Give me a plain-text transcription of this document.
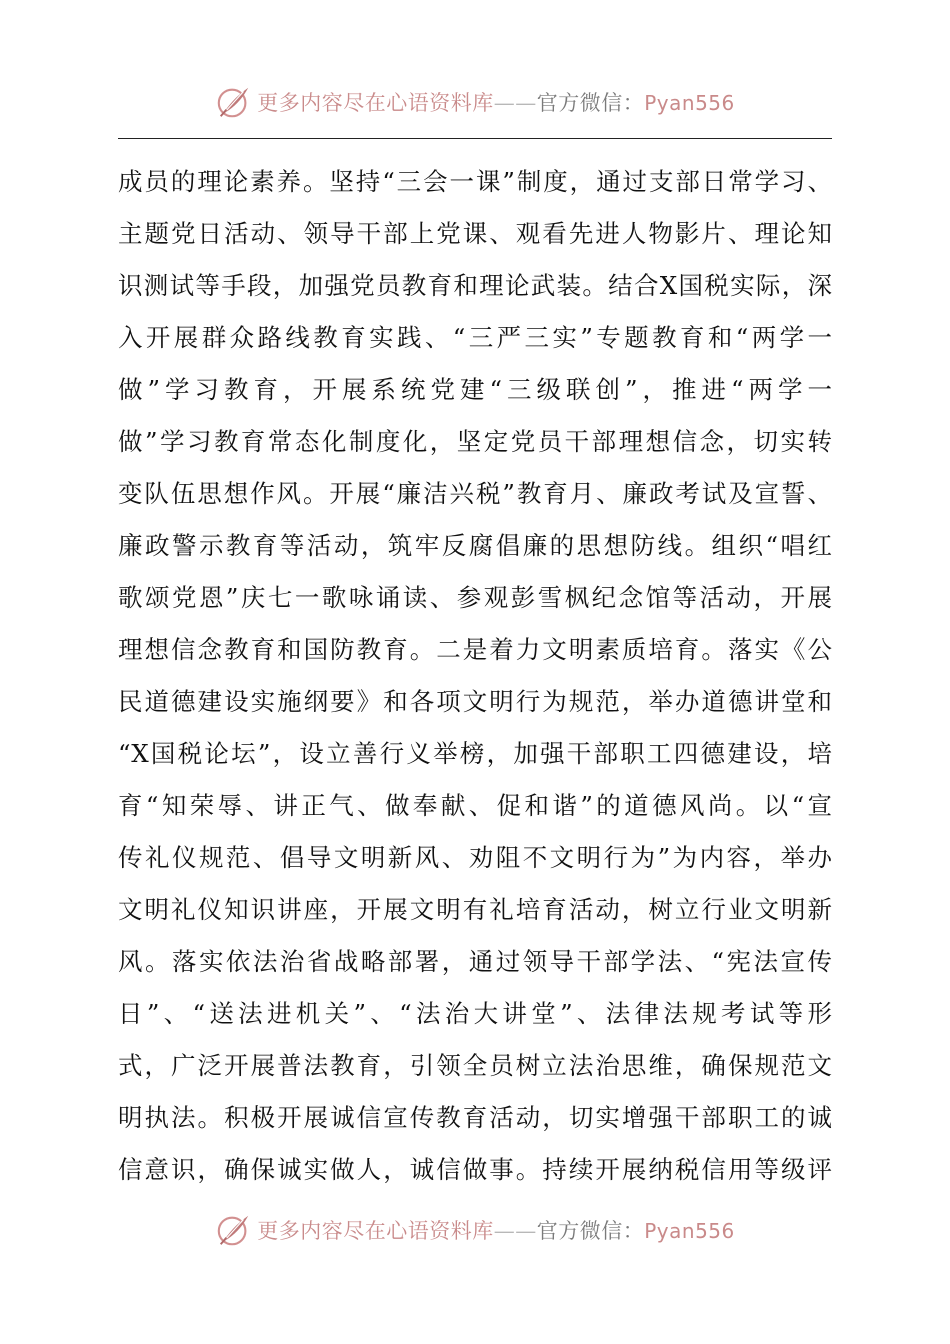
更多内容尽在心语资料库——官方微信：Pyan556
成员的理论素养。坚持“三会一课”制度，通过支部日常学习、
主题党日活动、领导干部上党课、观看先进人物影片、理论知
识测试等手段，加强党员教育和理论武装。结合X国税实际，深
入开展群众路线教育实践、“三严三实”专题教育和“两学一
做”学习教育，开展系统党建“三级联创”，推进“两学一
做”学习教育常态化制度化，坚定党员干部理想信念，切实转
变队伍思想作风。开展“廉洁兴税”教育月、廉政考试及宣誓、
廉政警示教育等活动，筑牢反腐倡廉的思想防线。组织“唱红
歌颂党恩”庆七一歌咏诵读、参观彭雪枫纪念馆等活动，开展
理想信念教育和国防教育。二是着力文明素质培育。落实《公
民道德建设实施纲要》和各项文明行为规范，举办道德讲堂和
“X国税论坛”，设立善行义举榜，加强干部职工四德建设，培
育“知荣辱、讲正气、做奉献、促和谐”的道德风尚。以“宣
传礼仪规范、倡导文明新风、劝阻不文明行为”为内容，举办
文明礼仪知识讲座，开展文明有礼培育活动，树立行业文明新
风。落实依法治省战略部署，通过领导干部学法、“宪法宣传
日”、“送法进机关”、“法治大讲堂”、法律法规考试等形
式，广泛开展普法教育，引领全员树立法治思维，确保规范文
明执法。积极开展诚信宣传教育活动，切实增强干部职工的诚
信意识，确保诚实做人，诚信做事。持续开展纳税信用等级评
更多内容尽在心语资料库——官方微信：Pyan556
